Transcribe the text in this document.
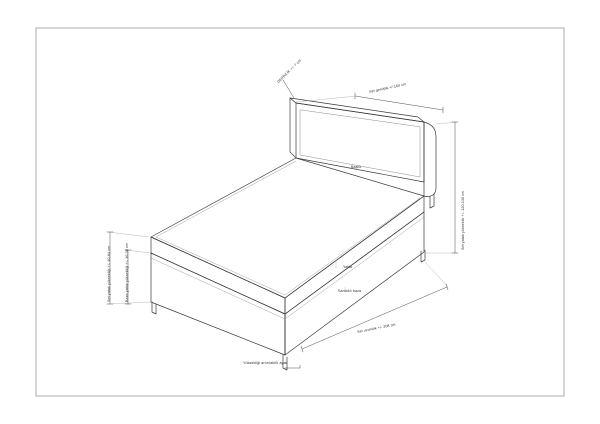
DERİNLİK +/- 7 cm
Set genişlik +/-160 cm
Set yatak yükseklik +/- 120-130 cm
Başlık
Set yatak yüksekliği +/- 40-64 cm	Baza yatak yüksekliği +/- 30-38 cm	Yatak
Sandıklı baza
Set uzunluk +/- 208 cm
Yüksekliği artırılabilir ayak
